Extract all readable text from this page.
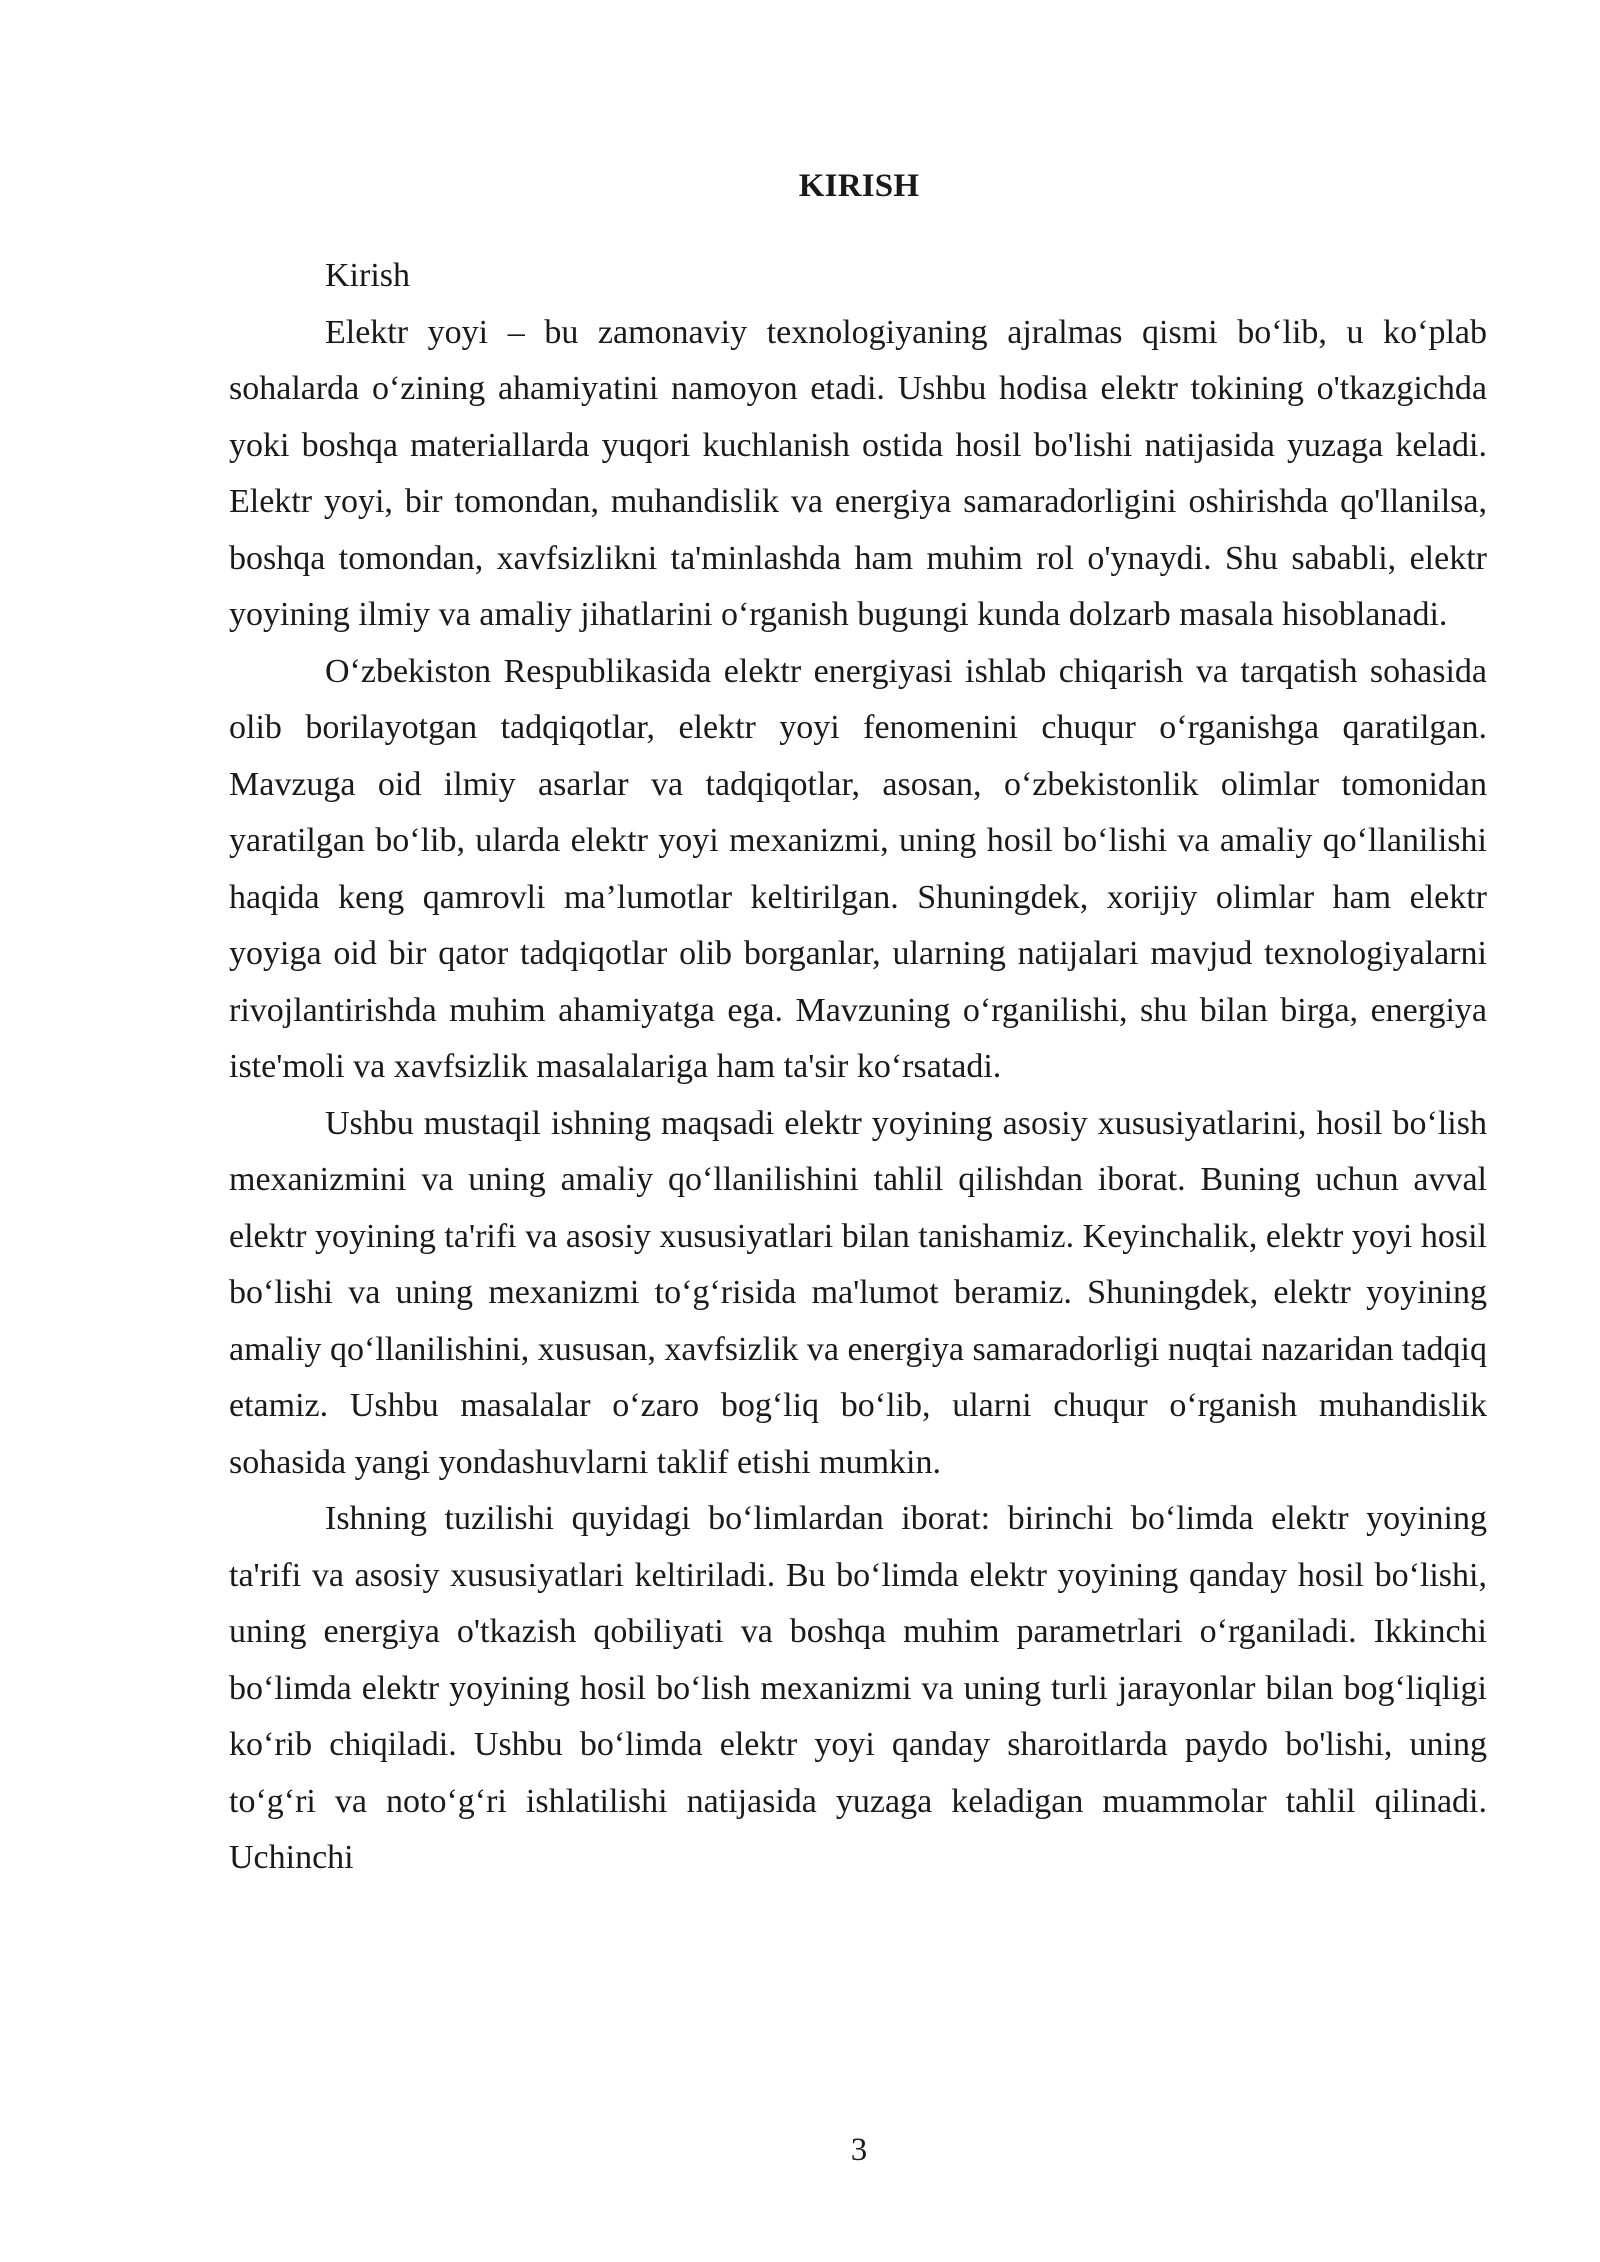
KIRISH

Kirish

Elektr yoyi – bu zamonaviy texnologiyaning ajralmas qismi bo‘lib, u ko‘plab sohalarda o‘zining ahamiyatini namoyon etadi. Ushbu hodisa elektr tokining o'tkazgichda yoki boshqa materiallarda yuqori kuchlanish ostida hosil bo'lishi natijasida yuzaga keladi. Elektr yoyi, bir tomondan, muhandislik va energiya samaradorligini oshirishda qo'llanilsa, boshqa tomondan, xavfsizlikni ta'minlashda ham muhim rol o'ynaydi. Shu sababli, elektr yoyining ilmiy va amaliy jihatlarini o‘rganish bugungi kunda dolzarb masala hisoblanadi.

O‘zbekiston Respublikasida elektr energiyasi ishlab chiqarish va tarqatish sohasida olib borilayotgan tadqiqotlar, elektr yoyi fenomenini chuqur o‘rganishga qaratilgan. Mavzuga oid ilmiy asarlar va tadqiqotlar, asosan, o‘zbekistonlik olimlar tomonidan yaratilgan bo‘lib, ularda elektr yoyi mexanizmi, uning hosil bo‘lishi va amaliy qo‘llanilishi haqida keng qamrovli ma’lumotlar keltirilgan. Shuningdek, xorijiy olimlar ham elektr yoyiga oid bir qator tadqiqotlar olib borganlar, ularning natijalari mavjud texnologiyalarni rivojlantirishda muhim ahamiyatga ega. Mavzuning o‘rganilishi, shu bilan birga, energiya iste'moli va xavfsizlik masalalariga ham ta'sir ko‘rsatadi.

Ushbu mustaqil ishning maqsadi elektr yoyining asosiy xususiyatlarini, hosil bo‘lish mexanizmini va uning amaliy qo‘llanilishini tahlil qilishdan iborat. Buning uchun avval elektr yoyining ta'rifi va asosiy xususiyatlari bilan tanishamiz. Keyinchalik, elektr yoyi hosil bo‘lishi va uning mexanizmi to‘g‘risida ma'lumot beramiz. Shuningdek, elektr yoyining amaliy qo‘llanilishini, xususan, xavfsizlik va energiya samaradorligi nuqtai nazaridan tadqiq etamiz. Ushbu masalalar o‘zaro bog‘liq bo‘lib, ularni chuqur o‘rganish muhandislik sohasida yangi yondashuvlarni taklif etishi mumkin.

Ishning tuzilishi quyidagi bo‘limlardan iborat: birinchi bo‘limda elektr yoyining ta'rifi va asosiy xususiyatlari keltiriladi. Bu bo‘limda elektr yoyining qanday hosil bo‘lishi, uning energiya o'tkazish qobiliyati va boshqa muhim parametrlari o‘rganiladi. Ikkinchi bo‘limda elektr yoyining hosil bo‘lish mexanizmi va uning turli jarayonlar bilan bog‘liqligi ko‘rib chiqiladi. Ushbu bo‘limda elektr yoyi qanday sharoitlarda paydo bo'lishi, uning to‘g‘ri va noto‘g‘ri ishlatilishi natijasida yuzaga keladigan muammolar tahlil qilinadi. Uchinchi

3
